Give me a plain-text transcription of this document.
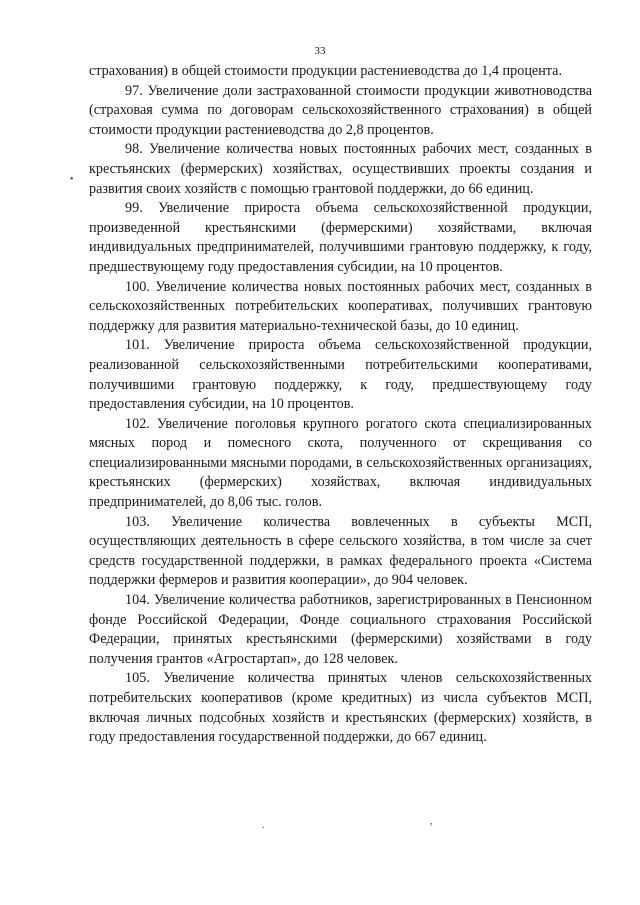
33
•
.	,

страхования) в общей стоимости продукции растениеводства до 1,4 процента.

97. Увеличение доли застрахованной стоимости продукции животноводства (страховая сумма по договорам сельскохозяйственного страхования) в общей стоимости продукции растениеводства до 2,8 процентов.

98. Увеличение количества новых постоянных рабочих мест, созданных в крестьянских (фермерских) хозяйствах, осуществивших проекты создания и развития своих хозяйств с помощью грантовой поддержки, до 66 единиц.

99. Увеличение прироста объема сельскохозяйственной продукции, произведенной крестьянскими (фермерскими) хозяйствами, включая индивидуальных предпринимателей, получившими грантовую поддержку, к году, предшествующему году предоставления субсидии, на 10 процентов.

100. Увеличение количества новых постоянных рабочих мест, созданных в сельскохозяйственных потребительских кооперативах, получивших грантовую поддержку для развития материально-технической базы, до 10 единиц.

101. Увеличение прироста объема сельскохозяйственной продукции, реализованной сельскохозяйственными потребительскими кооперативами, получившими грантовую поддержку, к году, предшествующему году предоставления субсидии, на 10 процентов.

102. Увеличение поголовья крупного рогатого скота специализированных мясных пород и помесного скота, полученного от скрещивания со специализированными мясными породами, в сельскохозяйственных организациях, крестьянских (фермерских) хозяйствах, включая индивидуальных предпринимателей, до 8,06 тыс. голов.

103. Увеличение количества вовлеченных в субъекты МСП, осуществляющих деятельность в сфере сельского хозяйства, в том числе за счет средств государственной поддержки, в рамках федерального проекта «Система поддержки фермеров и развития кооперации», до 904 человек.

104. Увеличение количества работников, зарегистрированных в Пенсионном фонде Российской Федерации, Фонде социального страхования Российской Федерации, принятых крестьянскими (фермерскими) хозяйствами в году получения грантов «Агростартап», до 128 человек.

105. Увеличение количества принятых членов сельскохозяйственных потребительских кооперативов (кроме кредитных) из числа субъектов МСП, включая личных подсобных хозяйств и крестьянских (фермерских) хозяйств, в году предоставления государственной поддержки, до 667 единиц.
